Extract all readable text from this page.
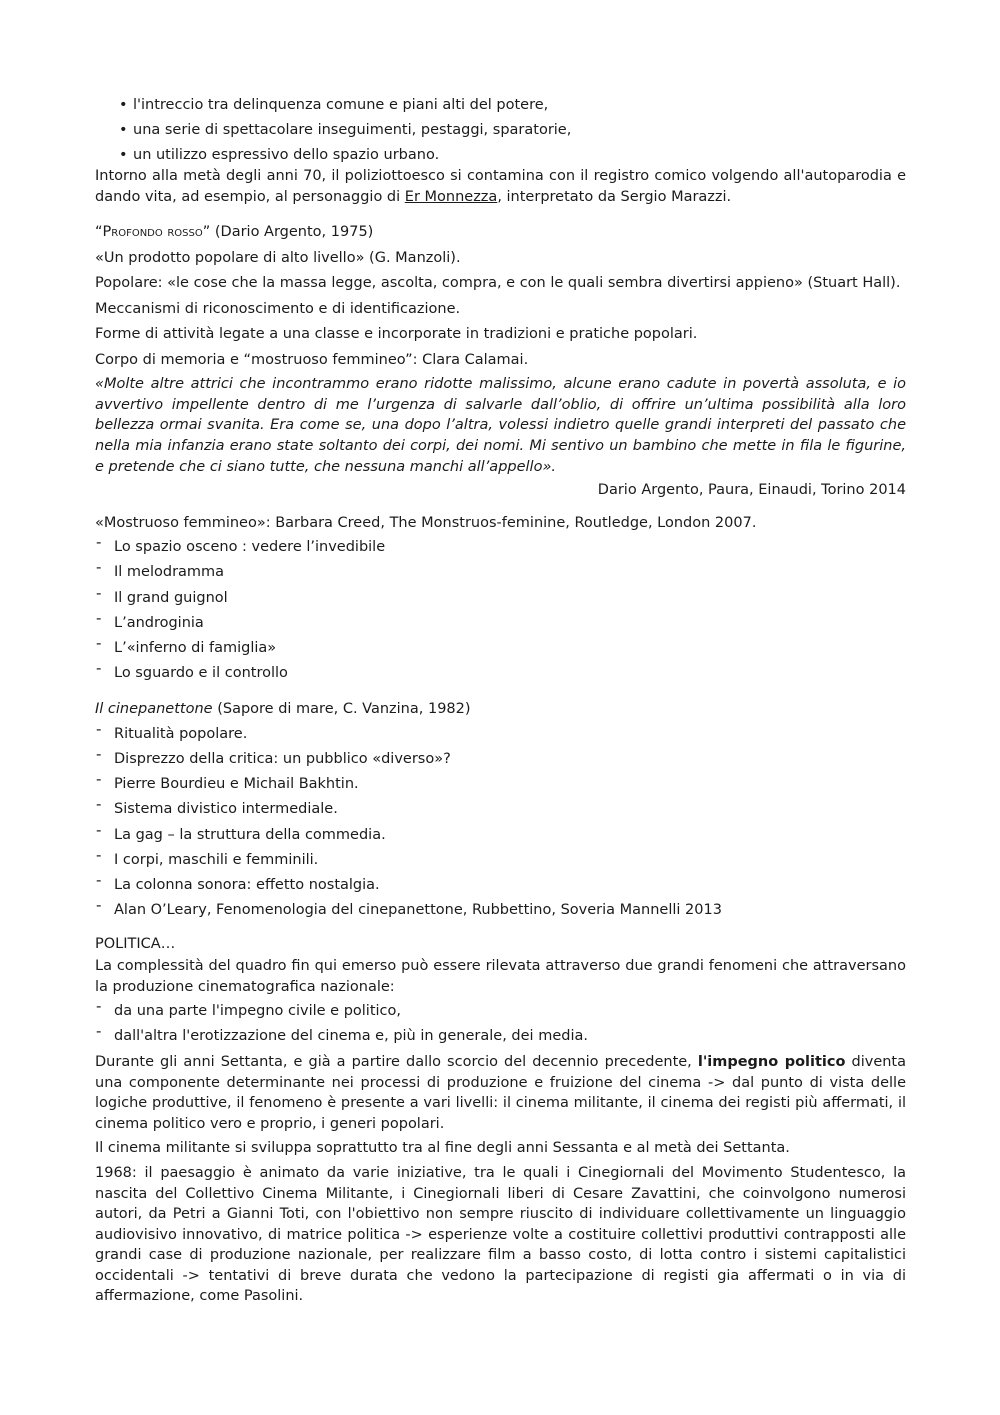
• l'intreccio tra delinquenza comune e piani alti del potere,
• una serie di spettacolare inseguimenti, pestaggi, sparatorie,
• un utilizzo espressivo dello spazio urbano.

Intorno alla metà degli anni 70, il poliziottoesco si contamina con il registro comico volgendo all'autoparodia e dando vita, ad esempio, al personaggio di Er Monnezza, interpretato da Sergio Marazzi.

“Profondo rosso” (Dario Argento, 1975)

«Un prodotto popolare di alto livello» (G. Manzoli).

Popolare: «le cose che la massa legge, ascolta, compra, e con le quali sembra divertirsi appieno» (Stuart Hall).

Meccanismi di riconoscimento e di identificazione.

Forme di attività legate a una classe e incorporate in tradizioni e pratiche popolari.

Corpo di memoria e “mostruoso femmineo”: Clara Calamai.

«Molte altre attrici che incontrammo erano ridotte malissimo, alcune erano cadute in povertà assoluta, e io avvertivo impellente dentro di me l’urgenza di salvarle dall’oblio, di offrire un’ultima possibilità alla loro bellezza ormai svanita. Era come se, una dopo l’altra, volessi indietro quelle grandi interpreti del passato che nella mia infanzia erano state soltanto dei corpi, dei nomi. Mi sentivo un bambino che mette in fila le figurine, e pretende che ci siano tutte, che nessuna manchi all’appello».

Dario Argento, Paura, Einaudi, Torino 2014

«Mostruoso femmineo»: Barbara Creed, The Monstruos-feminine, Routledge, London 2007.

- Lo spazio osceno : vedere l’invedibile
- Il melodramma
- Il grand guignol
- L’androginia
- L’«inferno di famiglia»
- Lo sguardo e il controllo

Il cinepanettone (Sapore di mare, C. Vanzina, 1982)

- Ritualità popolare.
- Disprezzo della critica: un pubblico «diverso»?
- Pierre Bourdieu e Michail Bakhtin.
- Sistema divistico intermediale.
- La gag – la struttura della commedia.
- I corpi, maschili e femminili.
- La colonna sonora: effetto nostalgia.
- Alan O’Leary, Fenomenologia del cinepanettone, Rubbettino, Soveria Mannelli 2013

POLITICA…

La complessità del quadro fin qui emerso può essere rilevata attraverso due grandi fenomeni che attraversano la produzione cinematografica nazionale:

- da una parte l'impegno civile e politico,
- dall'altra l'erotizzazione del cinema e, più in generale, dei media.

Durante gli anni Settanta, e già a partire dallo scorcio del decennio precedente, l'impegno politico diventa una componente determinante nei processi di produzione e fruizione del cinema -> dal punto di vista delle logiche produttive, il fenomeno è presente a vari livelli: il cinema militante, il cinema dei registi più affermati, il cinema politico vero e proprio, i generi popolari.

Il cinema militante si sviluppa soprattutto tra al fine degli anni Sessanta e al metà dei Settanta.

1968: il paesaggio è animato da varie iniziative, tra le quali i Cinegiornali del Movimento Studentesco, la nascita del Collettivo Cinema Militante, i Cinegiornali liberi di Cesare Zavattini, che coinvolgono numerosi autori, da Petri a Gianni Toti, con l'obiettivo non sempre riuscito di individuare collettivamente un linguaggio audiovisivo innovativo, di matrice politica -> esperienze volte a costituire collettivi produttivi contrapposti alle grandi case di produzione nazionale, per realizzare film a basso costo, di lotta contro i sistemi capitalistici occidentali -> tentativi di breve durata che vedono la partecipazione di registi gia affermati o in via di affermazione, come Pasolini.
